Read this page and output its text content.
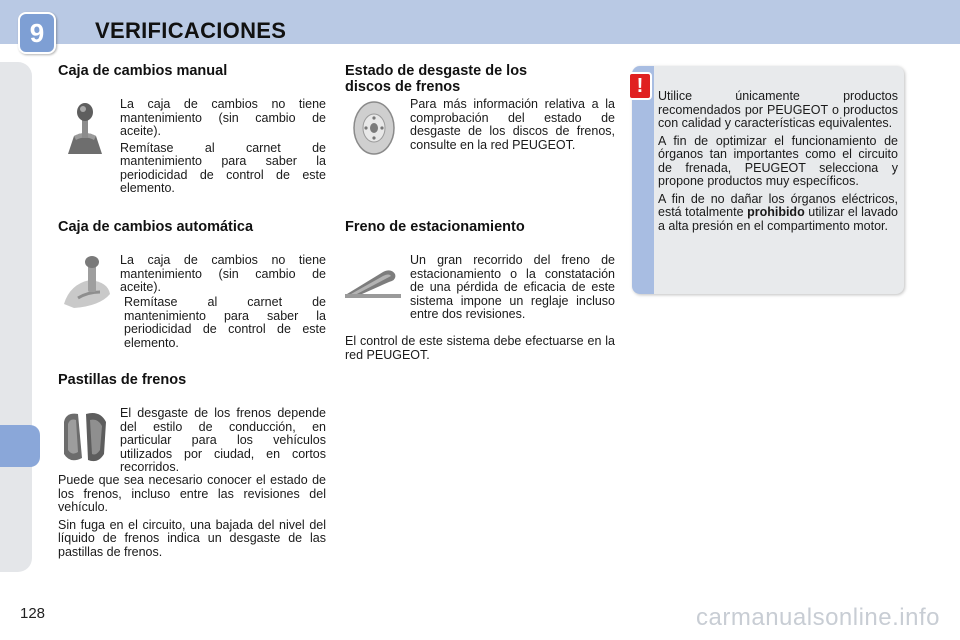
9	VERIFICACIONES
Caja de cambios manual

La caja de cambios no tiene mantenimiento (sin cambio de aceite).

Remítase al carnet de mantenimiento para saber la periodicidad de control de este elemento.

Caja de cambios automática

La caja de cambios no tiene mantenimiento (sin cambio de aceite).

Remítase al carnet de mantenimiento para saber la periodicidad de control de este elemento.

Pastillas de frenos

El desgaste de los frenos depende del estilo de conducción, en particular para los vehículos utilizados por ciudad, en cortos recorridos.

Puede que sea necesario conocer el estado de los frenos, incluso entre las revisiones del vehículo.

Sin fuga en el circuito, una bajada del nivel del líquido de frenos indica un desgaste de las pastillas de frenos.

Estado de desgaste de los
discos de frenos

Para más información relativa a la comprobación del estado de desgaste de los discos de frenos, consulte en la red PEUGEOT.

Freno de estacionamiento

Un gran recorrido del freno de estacionamiento o la constatación de una pérdida de eficacia de este sistema impone un reglaje incluso entre dos revisiones.

El control de este sistema debe efectuarse en la red PEUGEOT.

!	Utilice únicamente productos recomendados por PEUGEOT o productos con calidad y características equivalentes.

A fin de optimizar el funcionamiento de órganos tan importantes como el circuito de frenada, PEUGEOT selecciona y propone productos muy específicos.

A fin de no dañar los órganos eléctricos, está totalmente prohibido utilizar el lavado a alta presión en el compartimento motor.

128	carmanualsonline.info
